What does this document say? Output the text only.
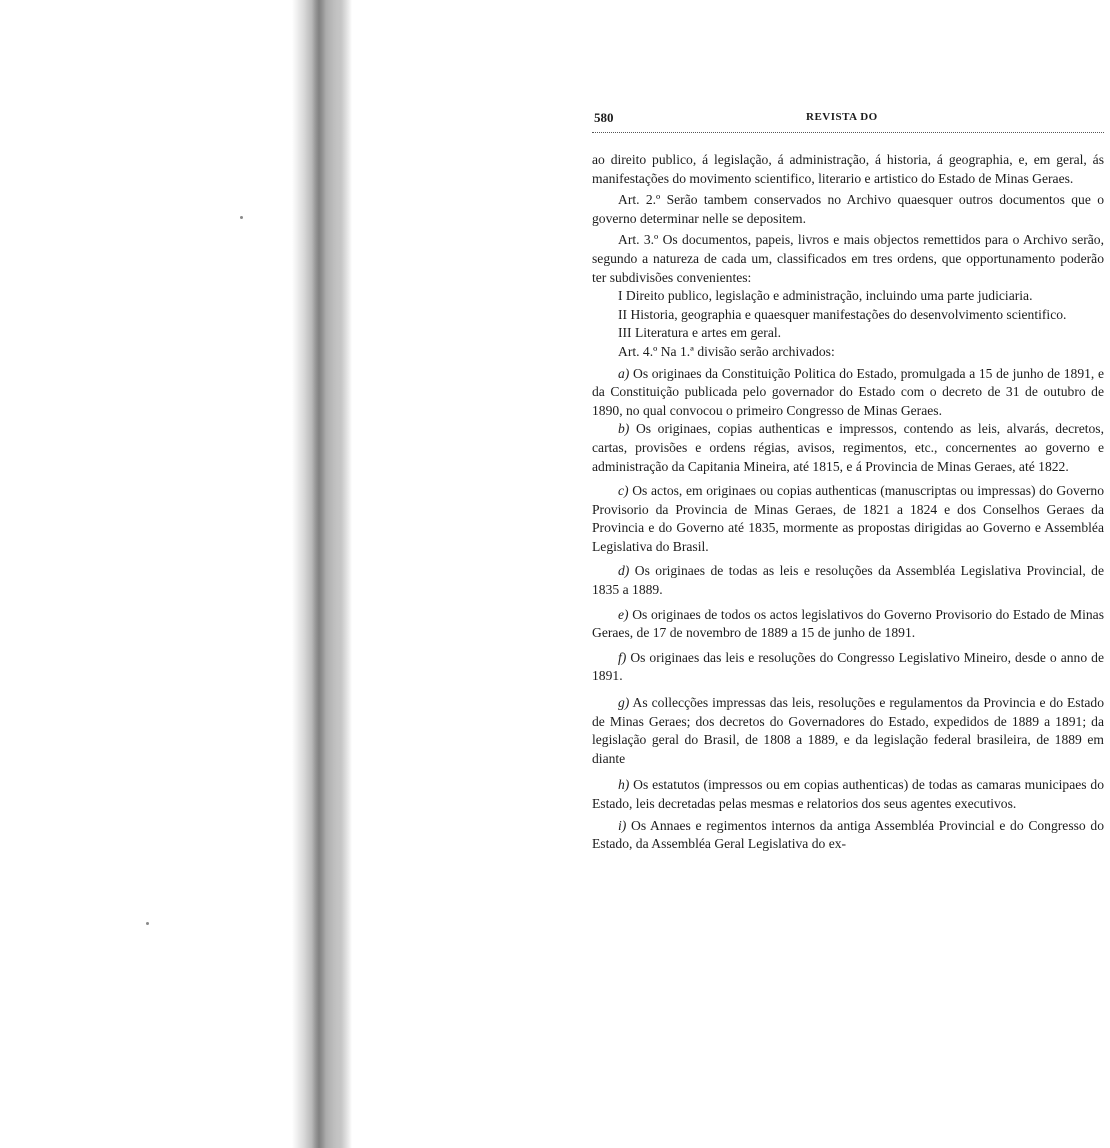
580	REVISTA DO

ao direito publico, á legislação, á administração, á historia, á geographia, e, em geral, ás manifestações do movimento scientifico, literario e artistico do Estado de Minas Geraes.

Art. 2.º Serão tambem conservados no Archivo quaesquer outros documentos que o governo determinar nelle se depositem.

Art. 3.º Os documentos, papeis, livros e mais objectos remettidos para o Archivo serão, segundo a natureza de cada um, classificados em tres ordens, que opportunamento poderão ter subdivisões convenientes:

I Direito publico, legislação e administração, incluindo uma parte judiciaria.

II Historia, geographia e quaesquer manifestações do desenvolvimento scientifico.

III Literatura e artes em geral.

Art. 4.º Na 1.ª divisão serão archivados:

a) Os originaes da Constituição Politica do Estado, promulgada a 15 de junho de 1891, e da Constituição publicada pelo governador do Estado com o decreto de 31 de outubro de 1890, no qual convocou o primeiro Congresso de Minas Geraes.

b) Os originaes, copias authenticas e impressos, contendo as leis, alvarás, decretos, cartas, provisões e ordens régias, avisos, regimentos, etc., concernentes ao governo e administração da Capitania Mineira, até 1815, e á Provincia de Minas Geraes, até 1822.

c) Os actos, em originaes ou copias authenticas (manuscriptas ou impressas) do Governo Provisorio da Provincia de Minas Geraes, de 1821 a 1824 e dos Conselhos Geraes da Provincia e do Governo até 1835, mormente as propostas dirigidas ao Governo e Assembléa Legislativa do Brasil.

d) Os originaes de todas as leis e resoluções da Assembléa Legislativa Provincial, de 1835 a 1889.

e) Os originaes de todos os actos legislativos do Governo Provisorio do Estado de Minas Geraes, de 17 de novembro de 1889 a 15 de junho de 1891.

f) Os originaes das leis e resoluções do Congresso Legislativo Mineiro, desde o anno de 1891.

g) As collecções impressas das leis, resoluções e regulamentos da Provincia e do Estado de Minas Geraes; dos decretos do Governadores do Estado, expedidos de 1889 a 1891; da legislação geral do Brasil, de 1808 a 1889, e da legislação federal brasileira, de 1889 em diante

h) Os estatutos (impressos ou em copias authenticas) de todas as camaras municipaes do Estado, leis decretadas pelas mesmas e relatorios dos seus agentes executivos.

i) Os Annaes e regimentos internos da antiga Assembléa Provincial e do Congresso do Estado, da Assembléa Geral Legislativa do ex-
